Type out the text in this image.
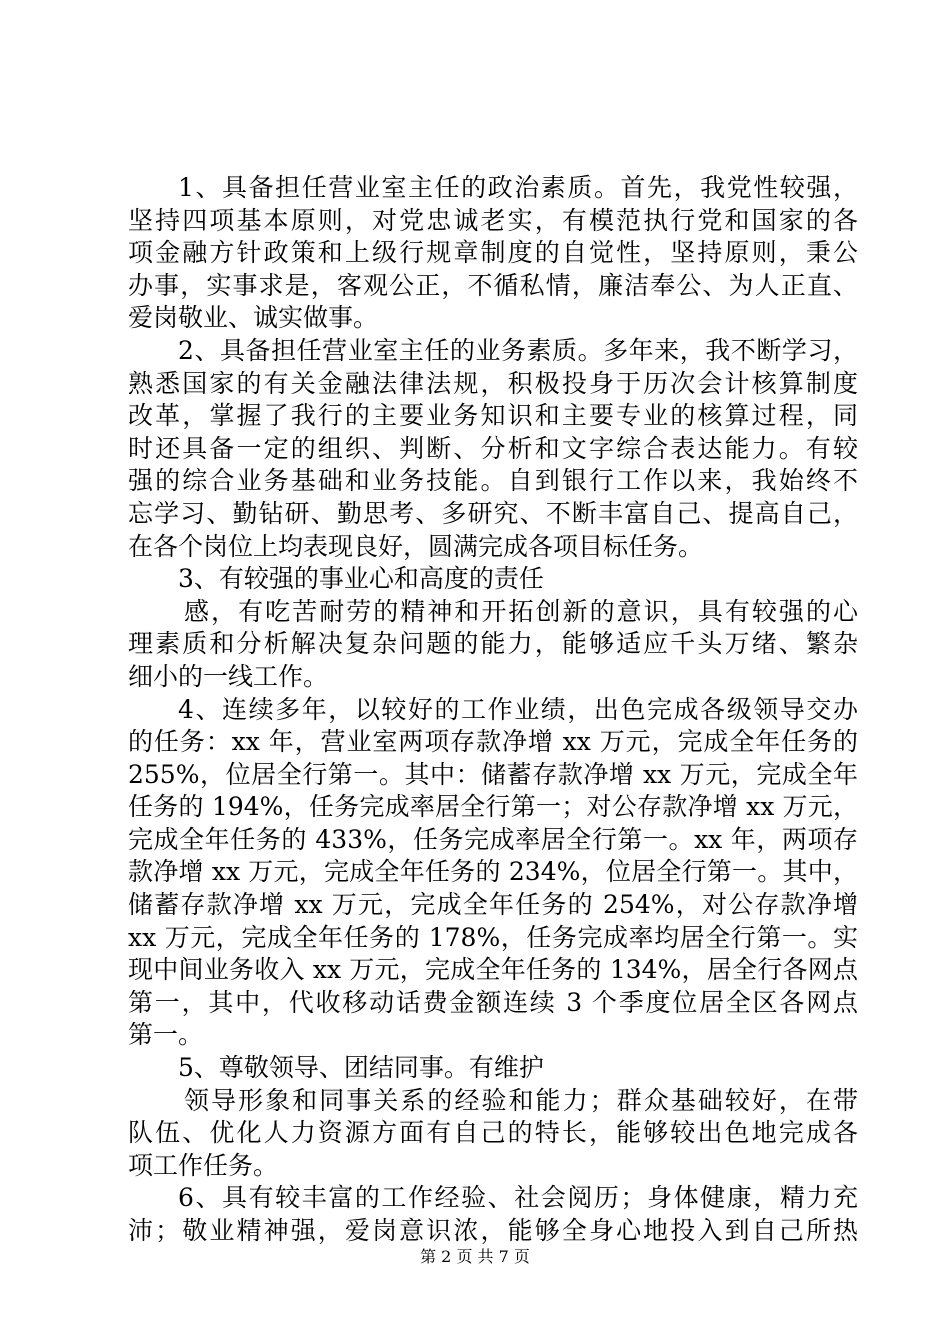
1、具备担任营业室主任的政治素质。首先，我党性较强，
坚持四项基本原则，对党忠诚老实，有模范执行党和国家的各
项金融方针政策和上级行规章制度的自觉性，坚持原则，秉公
办事，实事求是，客观公正，不循私情，廉洁奉公、为人正直、
爱岗敬业、诚实做事。
2、具备担任营业室主任的业务素质。多年来，我不断学习，
熟悉国家的有关金融法律法规，积极投身于历次会计核算制度
改革，掌握了我行的主要业务知识和主要专业的核算过程，同
时还具备一定的组织、判断、分析和文字综合表达能力。有较
强的综合业务基础和业务技能。自到银行工作以来，我始终不
忘学习、勤钻研、勤思考、多研究、不断丰富自己、提高自己，
在各个岗位上均表现良好，圆满完成各项目标任务。
3、有较强的事业心和高度的责任
感，有吃苦耐劳的精神和开拓创新的意识，具有较强的心
理素质和分析解决复杂问题的能力，能够适应千头万绪、繁杂
细小的一线工作。
4、连续多年，以较好的工作业绩，出色完成各级领导交办
的任务：xx 年，营业室两项存款净增 xx 万元，完成全年任务的
255%，位居全行第一。其中：储蓄存款净增 xx 万元，完成全年
任务的 194%，任务完成率居全行第一；对公存款净增 xx 万元，
完成全年任务的 433%，任务完成率居全行第一。xx 年，两项存
款净增 xx 万元，完成全年任务的 234%，位居全行第一。其中，
储蓄存款净增 xx 万元，完成全年任务的 254%，对公存款净增
xx 万元，完成全年任务的 178%，任务完成率均居全行第一。实
现中间业务收入 xx 万元，完成全年任务的 134%，居全行各网点
第一，其中，代收移动话费金额连续 3 个季度位居全区各网点
第一。
5、尊敬领导、团结同事。有维护
领导形象和同事关系的经验和能力；群众基础较好，在带
队伍、优化人力资源方面有自己的特长，能够较出色地完成各
项工作任务。
6、具有较丰富的工作经验、社会阅历；身体健康，精力充
沛；敬业精神强，爱岗意识浓，能够全身心地投入到自己所热
第 2 页 共 7 页
